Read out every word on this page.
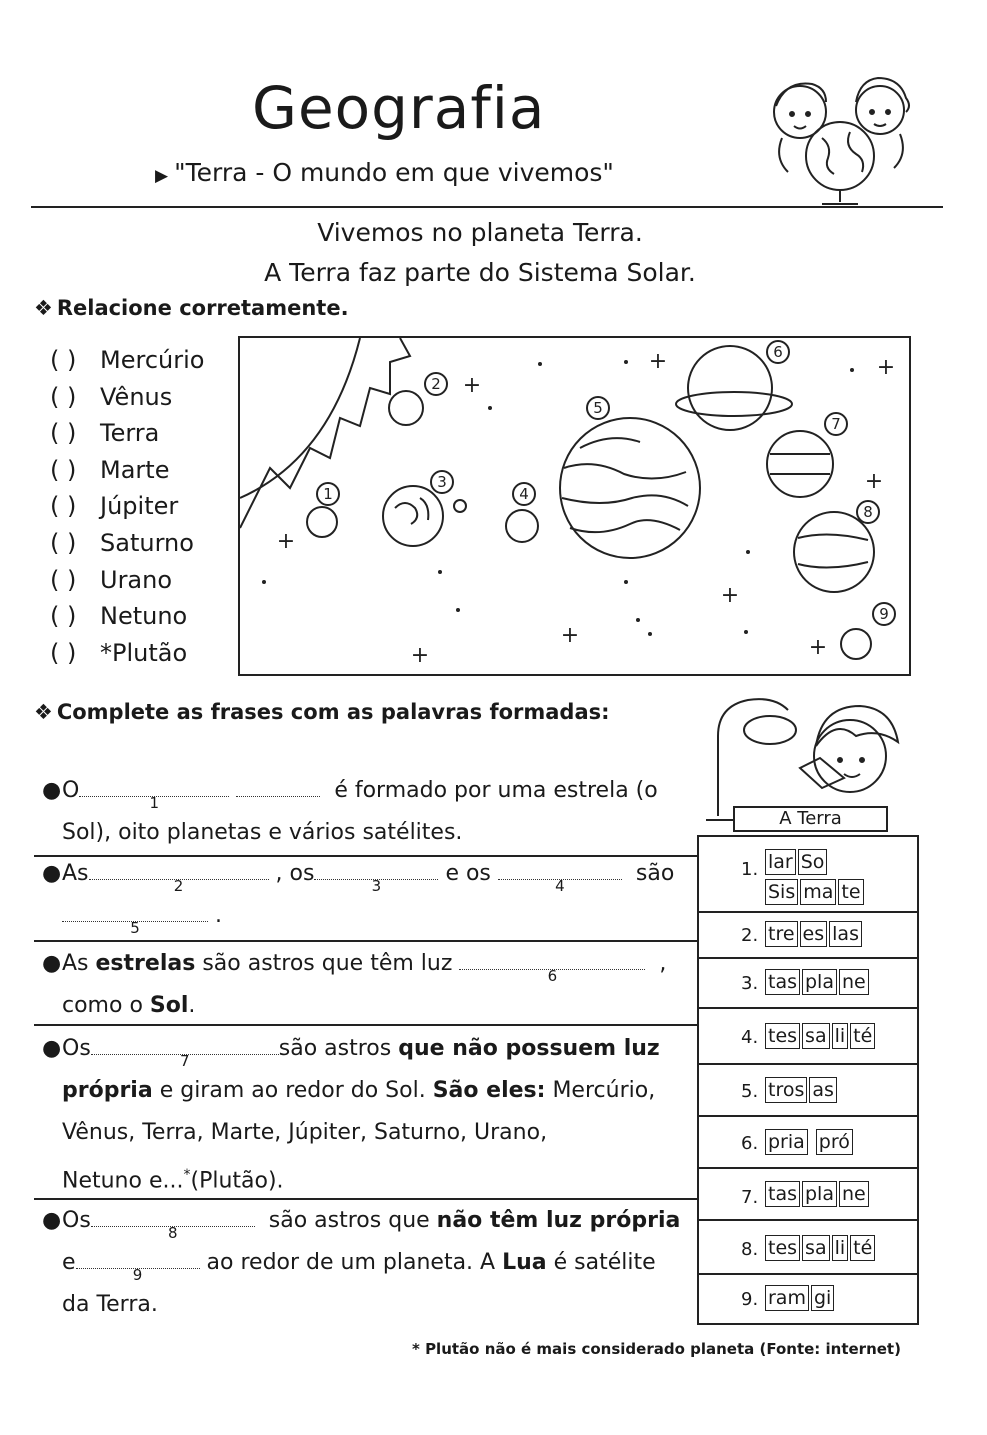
Geografia
▶ "Terra - O mundo em que vivemos"
Vivemos no planeta Terra.
A Terra faz parte do Sistema Solar.
❖ Relacione corretamente.
( ) Mercúrio
( ) Vênus
( ) Terra
( ) Marte
( ) Júpiter
( ) Saturno
( ) Urano
( ) Netuno
( ) *Plutão
1
2
3
4
5
6
7
8
9
+
+
+	+
+
+
+
+	+
❖ Complete as frases com as palavras formadas:
● O	1	é formado por uma estrela (o
Sol), oito planetas e vários satélites.
● As	2	, os	3	e os	4	são

5	.
● As estrelas são astros que têm luz	6	,
como o Sol.
● Os	7	são astros que não possuem luz
própria e giram ao redor do Sol. São eles: Mercúrio,
Vênus, Terra, Marte, Júpiter, Saturno, Urano,
Netuno e...*(Plutão).
● Os	8	são astros que não têm luz própria
e	9	ao redor de um planeta. A Lua é satélite
da Terra.
A Terra
1. lar So
Sis ma te
2. tre es las
3. tas pla ne
4. tes sa li té
5. tros as
6. pria pró
7. tas pla ne
8. tes sa li té
9. ram gi
* Plutão não é mais considerado planeta (Fonte: internet)
